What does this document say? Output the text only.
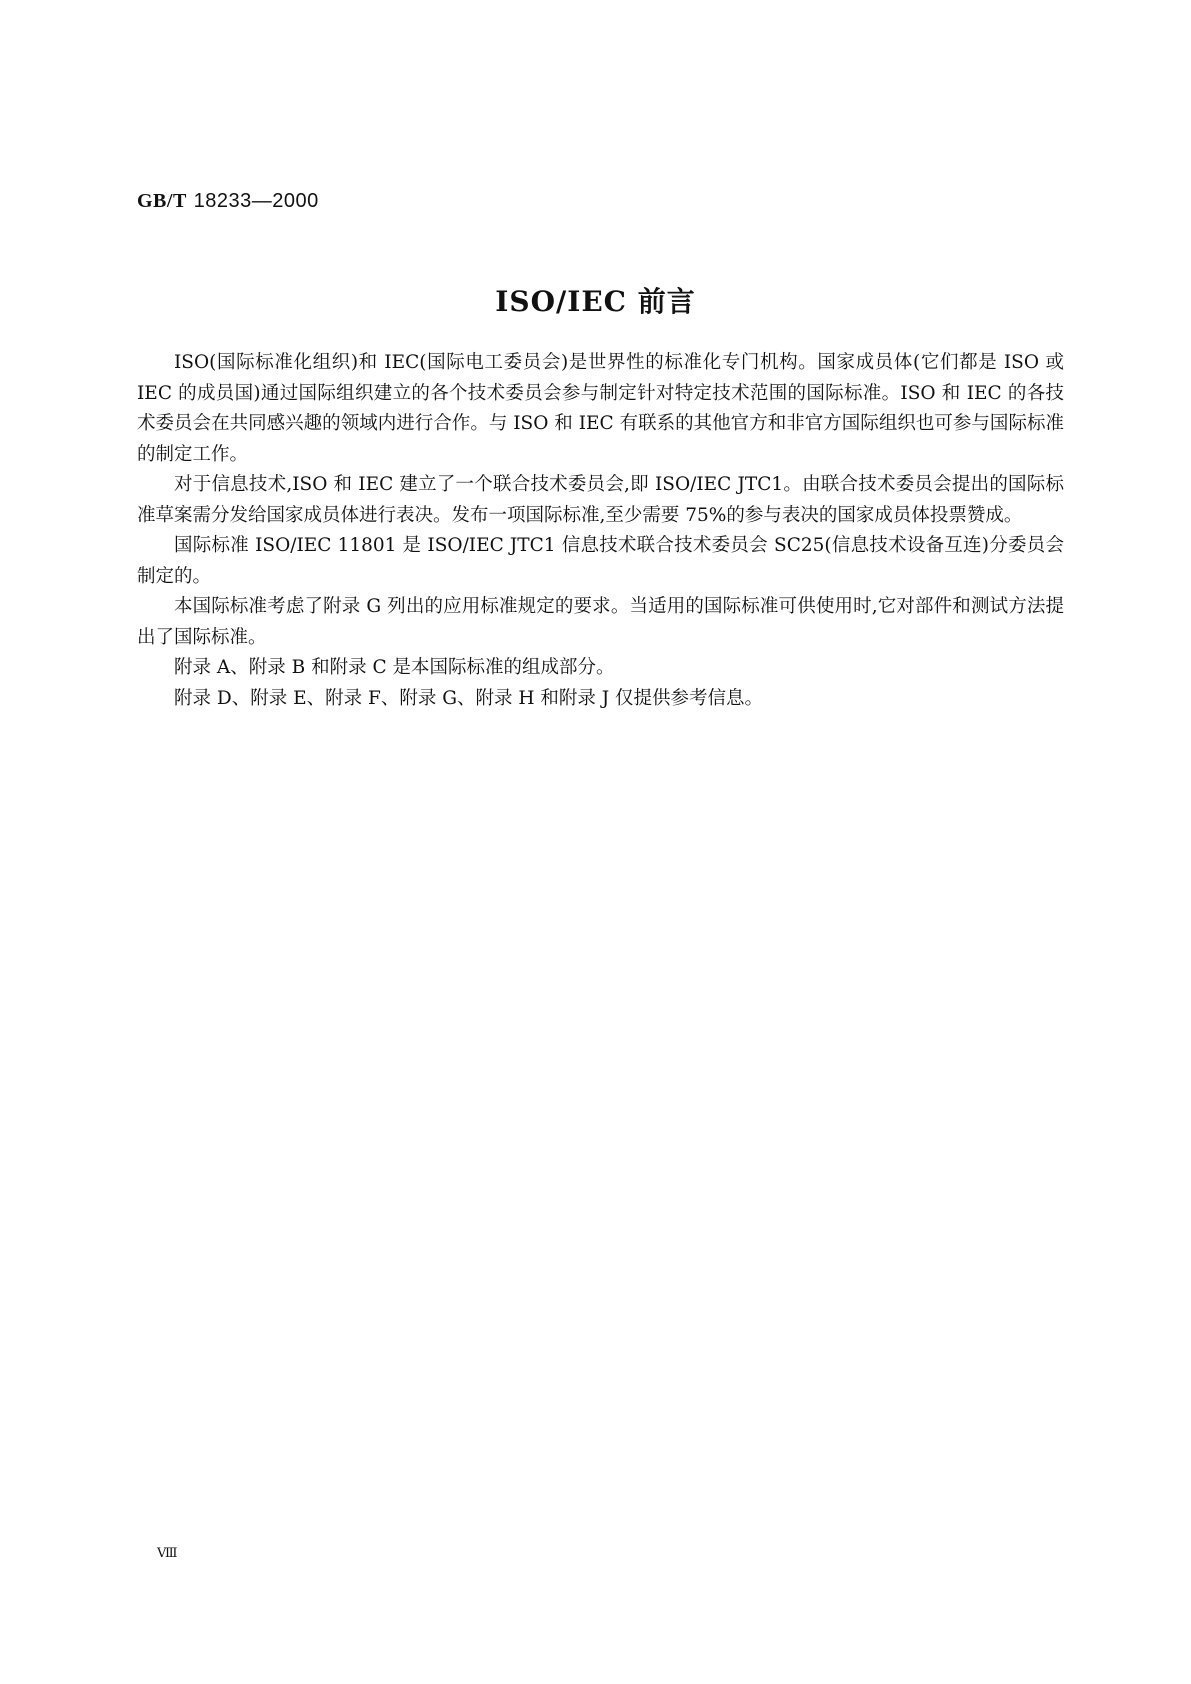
GB/T 18233—2000
ISO/IEC 前言

ISO(国际标准化组织)和 IEC(国际电工委员会)是世界性的标准化专门机构。国家成员体(它们都是 ISO 或 IEC 的成员国)通过国际组织建立的各个技术委员会参与制定针对特定技术范围的国际标准。ISO 和 IEC 的各技术委员会在共同感兴趣的领域内进行合作。与 ISO 和 IEC 有联系的其他官方和非官方国际组织也可参与国际标准的制定工作。

对于信息技术,ISO 和 IEC 建立了一个联合技术委员会,即 ISO/IEC JTC1。由联合技术委员会提出的国际标准草案需分发给国家成员体进行表决。发布一项国际标准,至少需要 75%的参与表决的国家成员体投票赞成。

国际标准 ISO/IEC 11801 是 ISO/IEC JTC1 信息技术联合技术委员会 SC25(信息技术设备互连)分委员会制定的。

本国际标准考虑了附录 G 列出的应用标准规定的要求。当适用的国际标准可供使用时,它对部件和测试方法提出了国际标准。

附录 A、附录 B 和附录 C 是本国际标准的组成部分。

附录 D、附录 E、附录 F、附录 G、附录 H 和附录 J 仅提供参考信息。

Ⅷ
